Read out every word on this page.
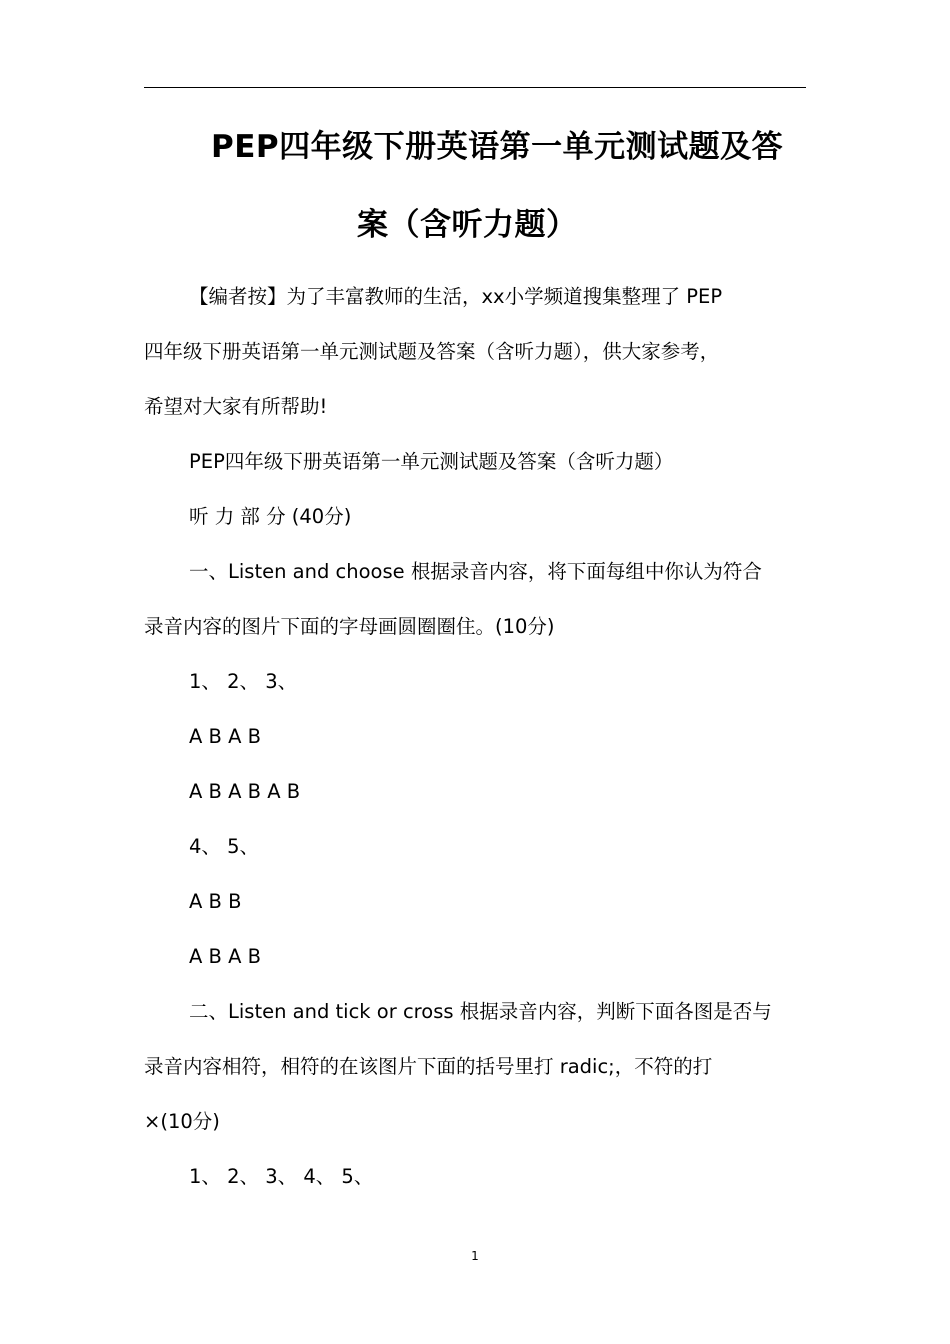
PEP四年级下册英语第一单元测试题及答
案（含听力题）
【编者按】为了丰富教师的生活，xx小学频道搜集整理了 PEP
四年级下册英语第一单元测试题及答案（含听力题），供大家参考，
希望对大家有所帮助!
PEP四年级下册英语第一单元测试题及答案（含听力题）
听 力 部 分 (40分)
一、Listen and choose 根据录音内容，将下面每组中你认为符合
录音内容的图片下面的字母画圆圈圈住。(10分)
1、 2、 3、
A B A B
A B A B A B
4、 5、
A B B
A B A B
二、Listen and tick or cross 根据录音内容，判断下面各图是否与
录音内容相符，相符的在该图片下面的括号里打 radic;，不符的打
×(10分)
1、 2、 3、 4、 5、
1
